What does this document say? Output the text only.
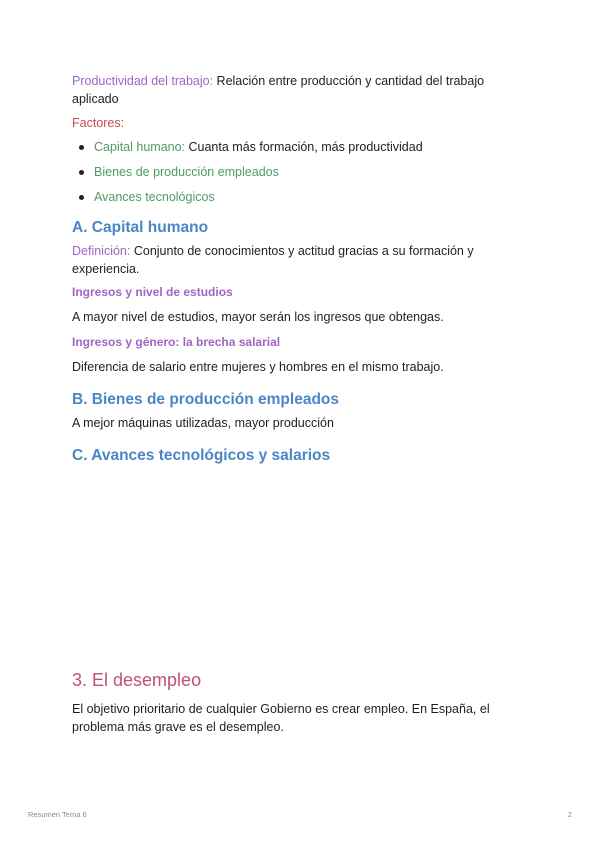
Productividad del trabajo: Relación entre producción y cantidad del trabajo aplicado

Factores:

Capital humano: Cuanta más formación, más productividad
Bienes de producción empleados
Avances tecnológicos
A. Capital humano

Definición: Conjunto de conocimientos y actitud gracias a su formación y experiencia.

Ingresos y nivel de estudios

A mayor nivel de estudios, mayor serán los ingresos que obtengas.

Ingresos y género: la brecha salarial

Diferencia de salario entre mujeres y hombres en el mismo trabajo.

B. Bienes de producción empleados

A mejor máquinas utilizadas, mayor producción

C. Avances tecnológicos y salarios
3. El desempleo

El objetivo prioritario de cualquier Gobierno es crear empleo. En España, el problema más grave es el desempleo.

Resumen Tema 6	2
